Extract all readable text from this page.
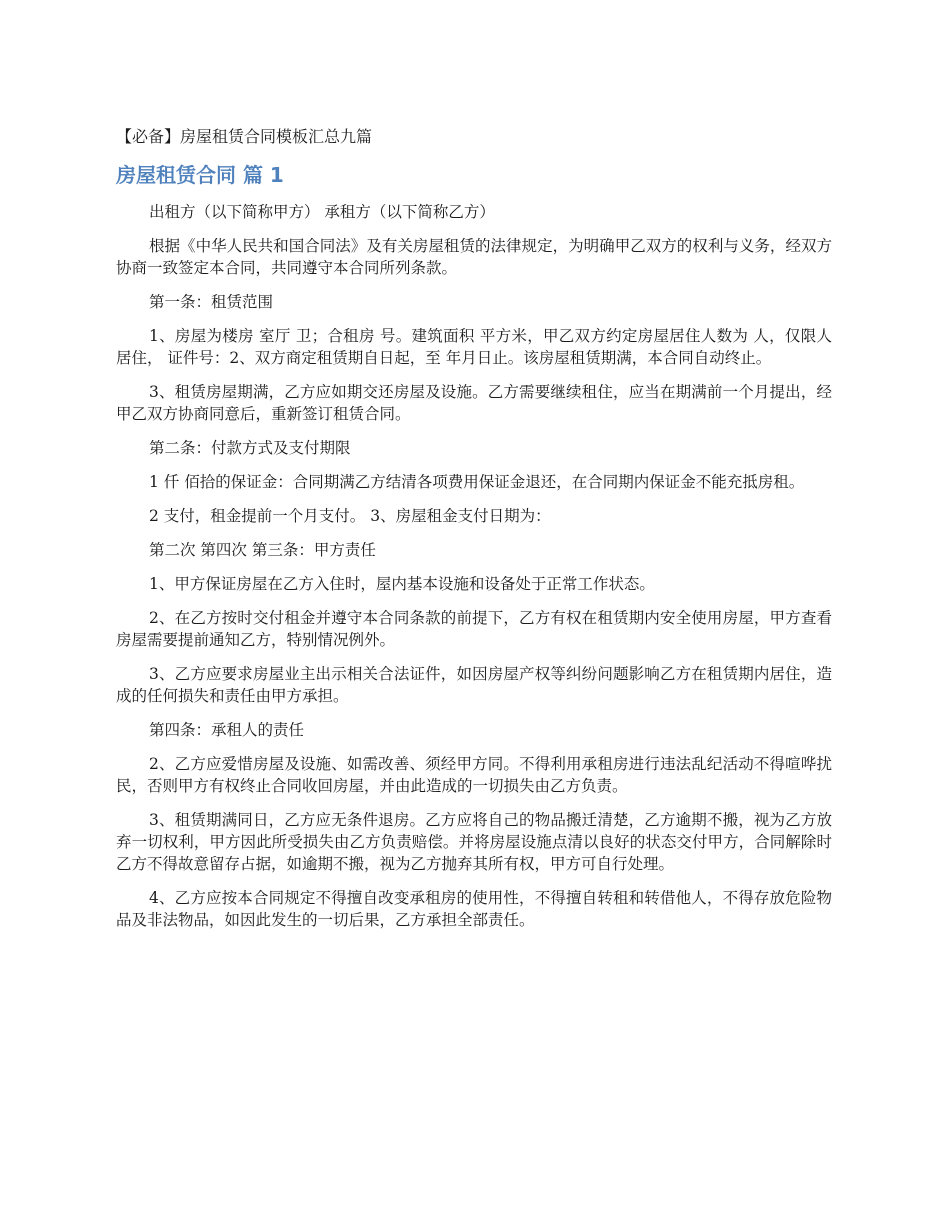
【必备】房屋租赁合同模板汇总九篇
房屋租赁合同 篇 1

出租方（以下简称甲方） 承租方（以下简称乙方）

根据《中华人民共和国合同法》及有关房屋租赁的法律规定，为明确甲乙双方的权利与义务，经双方协商一致签定本合同，共同遵守本合同所列条款。

第一条：租赁范围

1、房屋为楼房 室厅 卫；合租房 号。建筑面积 平方米，甲乙双方约定房屋居住人数为 人，仅限人居住， 证件号：2、双方商定租赁期自日起，至 年月日止。该房屋租赁期满，本合同自动终止。

3、租赁房屋期满，乙方应如期交还房屋及设施。乙方需要继续租住，应当在期满前一个月提出，经甲乙双方协商同意后，重新签订租赁合同。

第二条：付款方式及支付期限

1 仟 佰拾的保证金：合同期满乙方结清各项费用保证金退还，在合同期内保证金不能充抵房租。

2 支付，租金提前一个月支付。 3、房屋租金支付日期为：

第二次 第四次 第三条：甲方责任

1、甲方保证房屋在乙方入住时，屋内基本设施和设备处于正常工作状态。

2、在乙方按时交付租金并遵守本合同条款的前提下，乙方有权在租赁期内安全使用房屋，甲方查看房屋需要提前通知乙方，特别情况例外。

3、乙方应要求房屋业主出示相关合法证件，如因房屋产权等纠纷问题影响乙方在租赁期内居住，造成的任何损失和责任由甲方承担。

第四条：承租人的责任

2、乙方应爱惜房屋及设施、如需改善、须经甲方同。不得利用承租房进行违法乱纪活动不得喧哗扰民，否则甲方有权终止合同收回房屋，并由此造成的一切损失由乙方负责。

3、租赁期满同日，乙方应无条件退房。乙方应将自己的物品搬迁清楚，乙方逾期不搬，视为乙方放弃一切权利，甲方因此所受损失由乙方负责赔偿。并将房屋设施点清以良好的状态交付甲方，合同解除时乙方不得故意留存占据，如逾期不搬，视为乙方抛弃其所有权，甲方可自行处理。

4、乙方应按本合同规定不得擅自改变承租房的使用性，不得擅自转租和转借他人，不得存放危险物品及非法物品，如因此发生的一切后果，乙方承担全部责任。
